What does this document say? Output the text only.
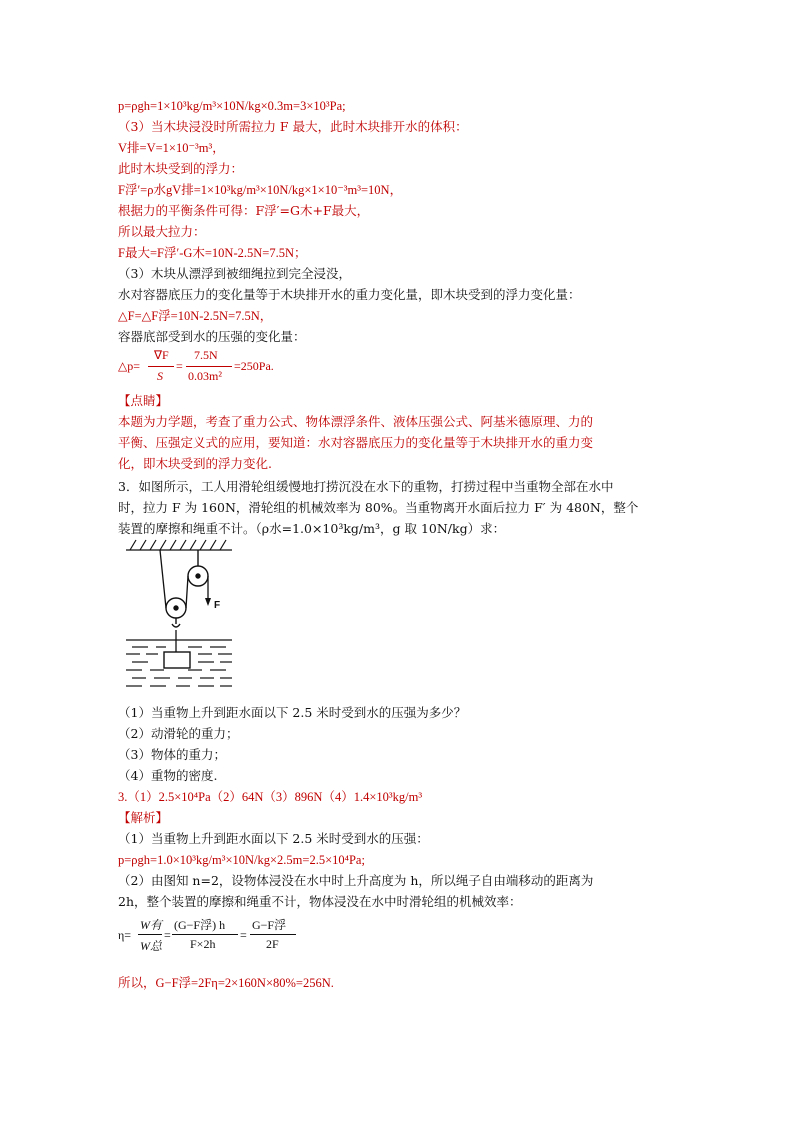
p=ρgh=1×10³kg/m³×10N/kg×0.3m=3×10³Pa;
（3）当木块浸没时所需拉力 F 最大，此时木块排开水的体积：
V排=V=1×10⁻³m³，
此时木块受到的浮力：
F浮′=ρ水gV排=1×10³kg/m³×10N/kg×1×10⁻³m³=10N，
根据力的平衡条件可得：F浮′=G木+F最大，
所以最大拉力：
F最大=F浮′-G木=10N-2.5N=7.5N；
（3）木块从漂浮到被细绳拉到完全浸没，
水对容器底压力的变化量等于木块排开水的重力变化量，即木块受到的浮力变化量：
△F=△F浮=10N-2.5N=7.5N，
容器底部受到水的压强的变化量：
△p=
∇F
S
=
7.5N
0.03m²
=250Pa.
【点睛】
本题为力学题，考查了重力公式、物体漂浮条件、液体压强公式、阿基米德原理、力的
平衡、压强定义式的应用，要知道：水对容器底压力的变化量等于木块排开水的重力变
化，即木块受到的浮力变化.
3．如图所示，工人用滑轮组缓慢地打捞沉没在水下的重物，打捞过程中当重物全部在水中
时，拉力 F 为 160N，滑轮组的机械效率为 80%。当重物离开水面后拉力 F′ 为 480N，整个
装置的摩擦和绳重不计。（ρ水=1.0×10³kg/m³，g 取 10N/kg）求：
F
（1）当重物上升到距水面以下 2.5 米时受到水的压强为多少？
（2）动滑轮的重力；
（3）物体的重力；
（4）重物的密度.
3.（1）2.5×10⁴Pa（2）64N（3）896N（4）1.4×10³kg/m³
【解析】
（1）当重物上升到距水面以下 2.5 米时受到水的压强：
p=ρgh=1.0×10³kg/m³×10N/kg×2.5m=2.5×10⁴Pa;
（2）由图知 n=2，设物体浸没在水中时上升高度为 h，所以绳子自由端移动的距离为
2h，整个装置的摩擦和绳重不计，物体浸没在水中时滑轮组的机械效率：
η=
W有
W总
=
(G−F浮) h
F×2h
=
G−F浮
2F
所以，G−F浮=2Fη=2×160N×80%=256N.
